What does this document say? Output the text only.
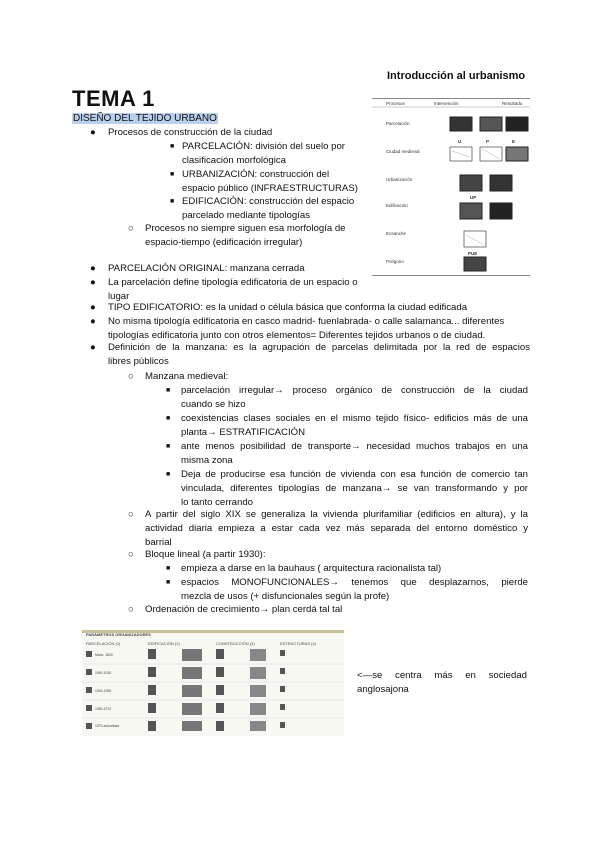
Introducción al urbanismo
TEMA 1
DISEÑO DEL TEJIDO URBANO
Procesos	Intervención	Resultado
Parcelación
Ciudad medieval
Urbanización
Edificación
Ensanche
Polígono
U	P	E
UP
PUE
● Procesos de construcción de la ciudad
■ PARCELACIÓN: división del suelo por
clasificación morfológica
■ URBANIZACIÓN: construcción del
espacio público (INFRAESTRUCTURAS)
■ EDIFICACIÓN: construcción del espacio
parcelado mediante tipologías
○ Procesos no siempre siguen esa morfología de
espacio-tiempo (edificación irregular)
● PARCELACIÓN ORIGINAL: manzana cerrada
● La parcelación define tipología edificatoria de un espacio o
lugar
● TIPO EDIFICATORIO: es la unidad o célula básica que conforma la ciudad edificada
● No misma tipología edificatoria en casco madrid- fuenlabrada- o calle salamanca... diferentes
tipologías edificatoria junto con otros elementos= Diferentes tejidos urbanos o de ciudad.
● Definición de la manzana: es la agrupación de parcelas delimitada por la red de espacios
libres públicos
○ Manzana medieval:
■ parcelación irregular→ proceso orgánico de construcción de la ciudad
cuando se hizo
■ coexistencias clases sociales en el mismo tejido físico- edificios más de una
planta→ ESTRATIFICACIÓN
■ ante menos posibilidad de transporte→ necesidad muchos trabajos en una
misma zona
■ Deja de producirse esa función de vivienda con esa función de comercio tan
vinculada, diferentes tipologías de manzana→ se van transformando y por
lo tanto cerrando
○ A partir del siglo XIX se generaliza la vivienda plurifamiliar (edificios en altura), y la
actividad diaria empieza a estar cada vez más separada del entorno doméstico y
barrial
○ Bloque lineal (a partir 1930):
■ empieza a darse en la bauhaus ( arquitectura racionalista tal)
■ espacios MONOFUNCIONALES→ tenemos que desplazarnos, pierde
mezcla de usos (+ disfuncionales según la profe)
○ Ordenación de crecimiento→ plan cerdá tal tal
PARÁMETROS ORGANIZADORES
PARCELACIÓN (1)	EDIFICACIÓN (2)	CONSTRUCCIÓN (3)	ESTRUCTURAS (4)
Manz. 1800
1900-1930
1930-1950
1950-1970
1970-actualidad
<—se centra más en sociedad
anglosajona
